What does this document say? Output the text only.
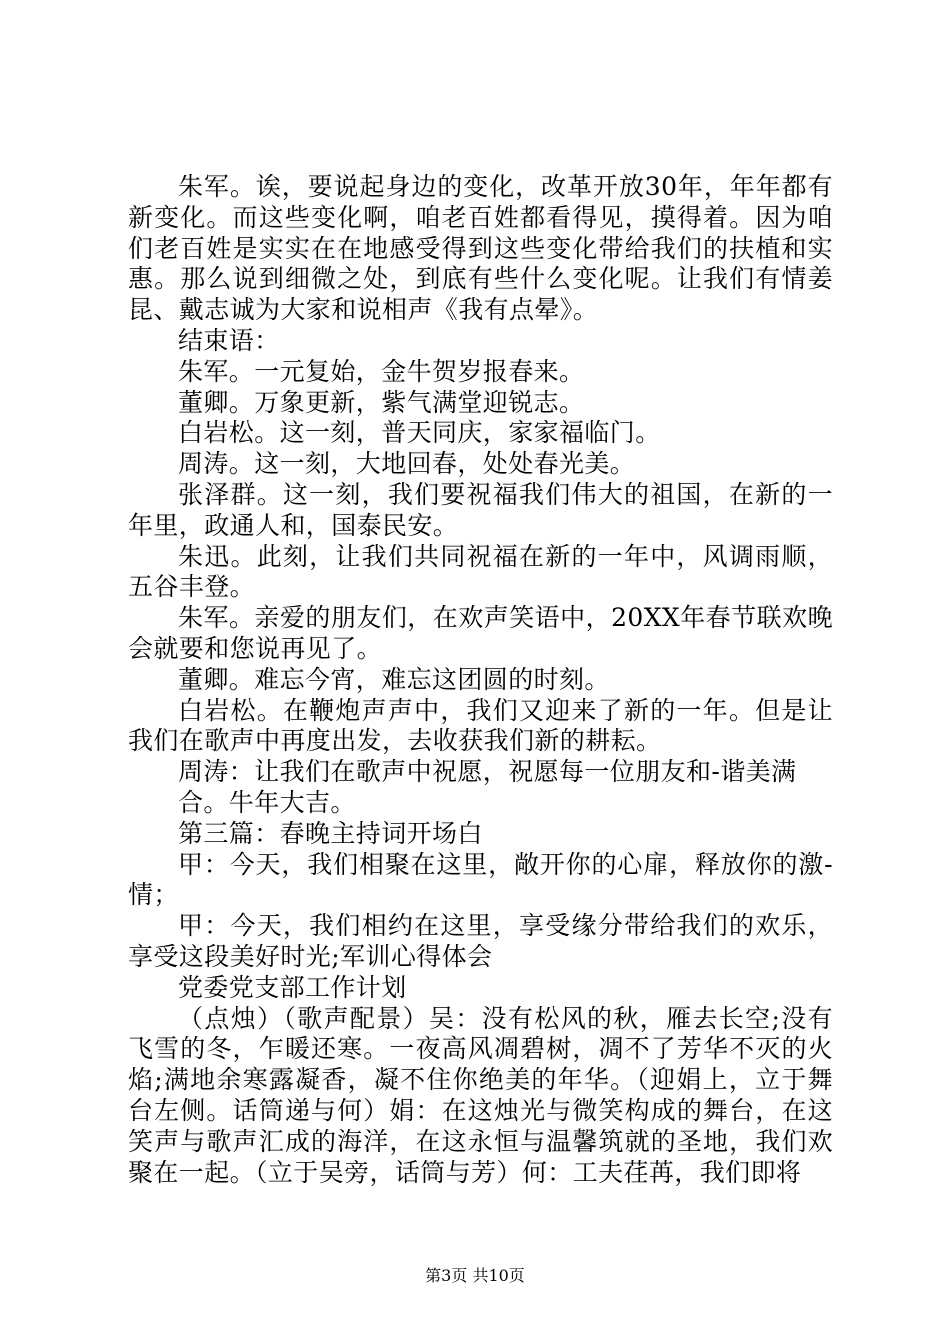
朱军。诶，要说起身边的变化，改革开放30年，年年都有新变化。而这些变化啊，咱老百姓都看得见，摸得着。因为咱们老百姓是实实在在地感受得到这些变化带给我们的扶植和实惠。那么说到细微之处，到底有些什么变化呢。让我们有情姜昆、戴志诚为大家和说相声《我有点晕》。

结束语：

朱军。一元复始，金牛贺岁报春来。

董卿。万象更新，紫气满堂迎锐志。

白岩松。这一刻，普天同庆，家家福临门。

周涛。这一刻，大地回春，处处春光美。

张泽群。这一刻，我们要祝福我们伟大的祖国，在新的一年里，政通人和，国泰民安。

朱迅。此刻，让我们共同祝福在新的一年中，风调雨顺，五谷丰登。

朱军。亲爱的朋友们，在欢声笑语中，20XX年春节联欢晚会就要和您说再见了。

董卿。难忘今宵，难忘这团圆的时刻。

白岩松。在鞭炮声声中，我们又迎来了新的一年。但是让我们在歌声中再度出发，去收获我们新的耕耘。

周涛：让我们在歌声中祝愿，祝愿每一位朋友和-谐美满

合。牛年大吉。

第三篇：春晚主持词开场白

甲：今天，我们相聚在这里，敞开你的心扉，释放你的激-情；

甲：今天，我们相约在这里，享受缘分带给我们的欢乐，享受这段美好时光;军训心得体会

党委党支部工作计划

（点烛）（歌声配景）吴：没有松风的秋，雁去长空;没有飞雪的冬，乍暖还寒。一夜高风凋碧树，凋不了芳华不灭的火焰;满地余寒露凝香，凝不住你绝美的年华。（迎娟上，立于舞台左侧。话筒递与何）娟：在这烛光与微笑构成的舞台，在这笑声与歌声汇成的海洋，在这永恒与温馨筑就的圣地，我们欢聚在一起。（立于吴旁，话筒与芳）何：工夫荏苒，我们即将

第3页 共10页
